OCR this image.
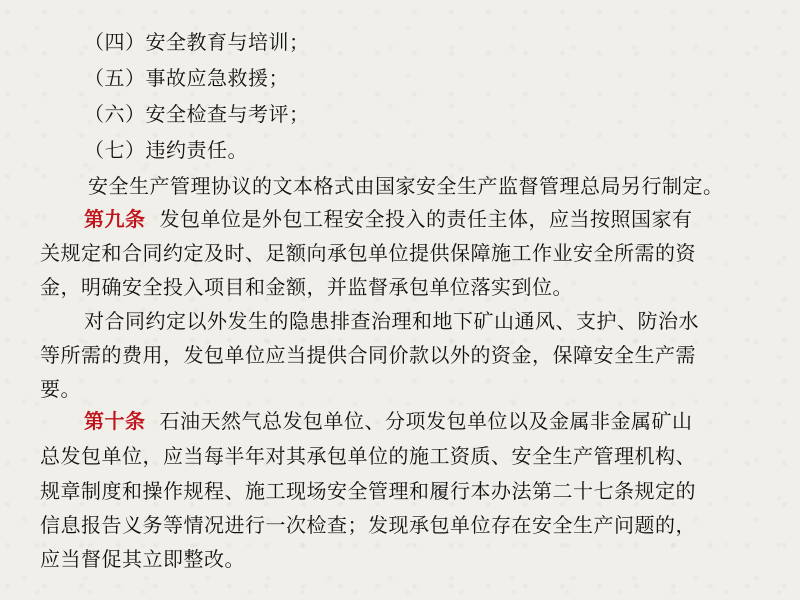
（四）安全教育与培训；
（五）事故应急救援；
（六）安全检查与考评；
（七）违约责任。
安全生产管理协议的文本格式由国家安全生产监督管理总局另行制定。
第九条 发包单位是外包工程安全投入的责任主体，应当按照国家有
关规定和合同约定及时、足额向承包单位提供保障施工作业安全所需的资
金，明确安全投入项目和金额，并监督承包单位落实到位。
对合同约定以外发生的隐患排查治理和地下矿山通风、支护、防治水
等所需的费用，发包单位应当提供合同价款以外的资金，保障安全生产需
要。
第十条 石油天然气总发包单位、分项发包单位以及金属非金属矿山
总发包单位，应当每半年对其承包单位的施工资质、安全生产管理机构、
规章制度和操作规程、施工现场安全管理和履行本办法第二十七条规定的
信息报告义务等情况进行一次检查；发现承包单位存在安全生产问题的，
应当督促其立即整改。
